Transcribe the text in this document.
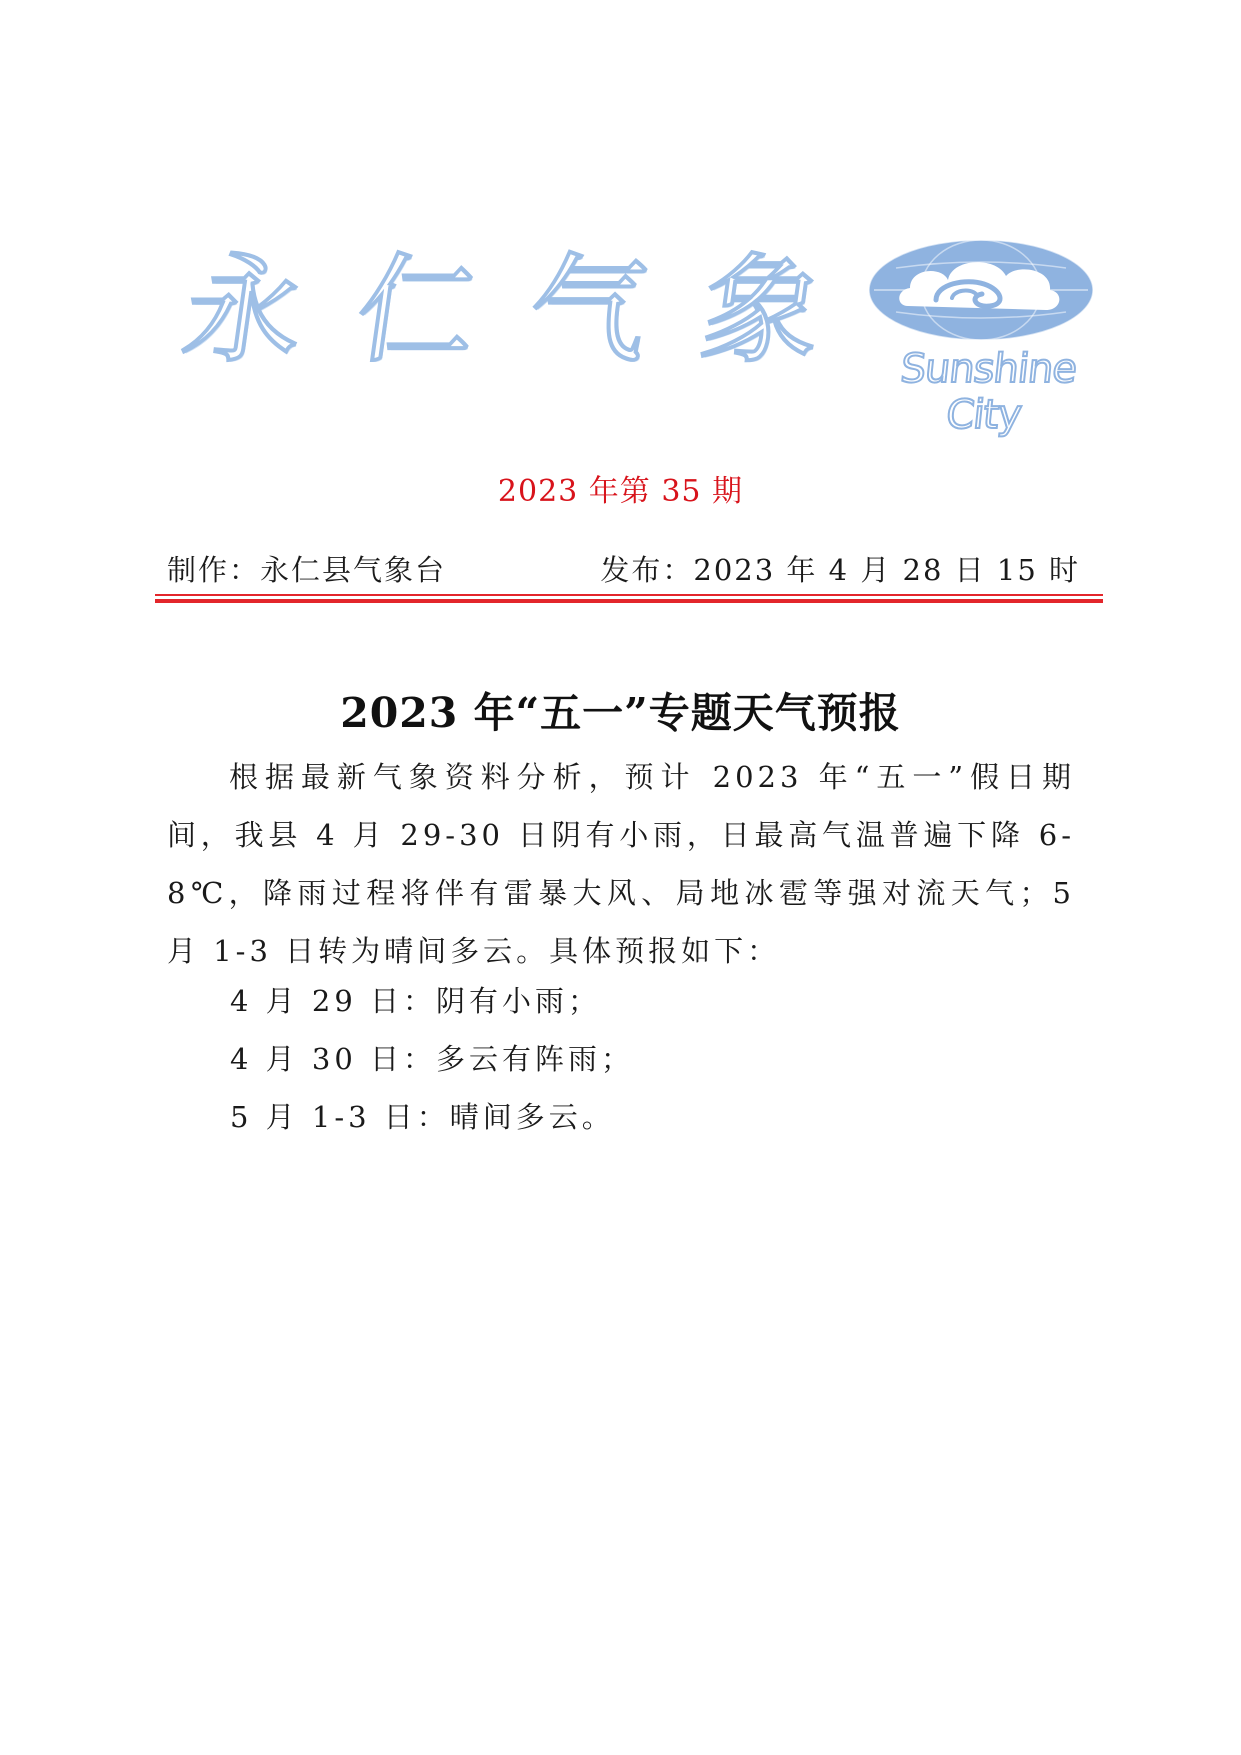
永 仁 气 象	Sunshine City
2023 年第 35 期
制作：永仁县气象台	发布：2023 年 4 月 28 日 15 时
2023 年“五一”专题天气预报

根据最新气象资料分析，预计 2023 年“五一”假日期间，我县 4 月 29-30 日阴有小雨，日最高气温普遍下降 6-8℃，降雨过程将伴有雷暴大风、局地冰雹等强对流天气；5 月 1-3 日转为晴间多云。具体预报如下：

4 月 29 日：阴有小雨；
4 月 30 日：多云有阵雨；
5 月 1-3 日：晴间多云。
